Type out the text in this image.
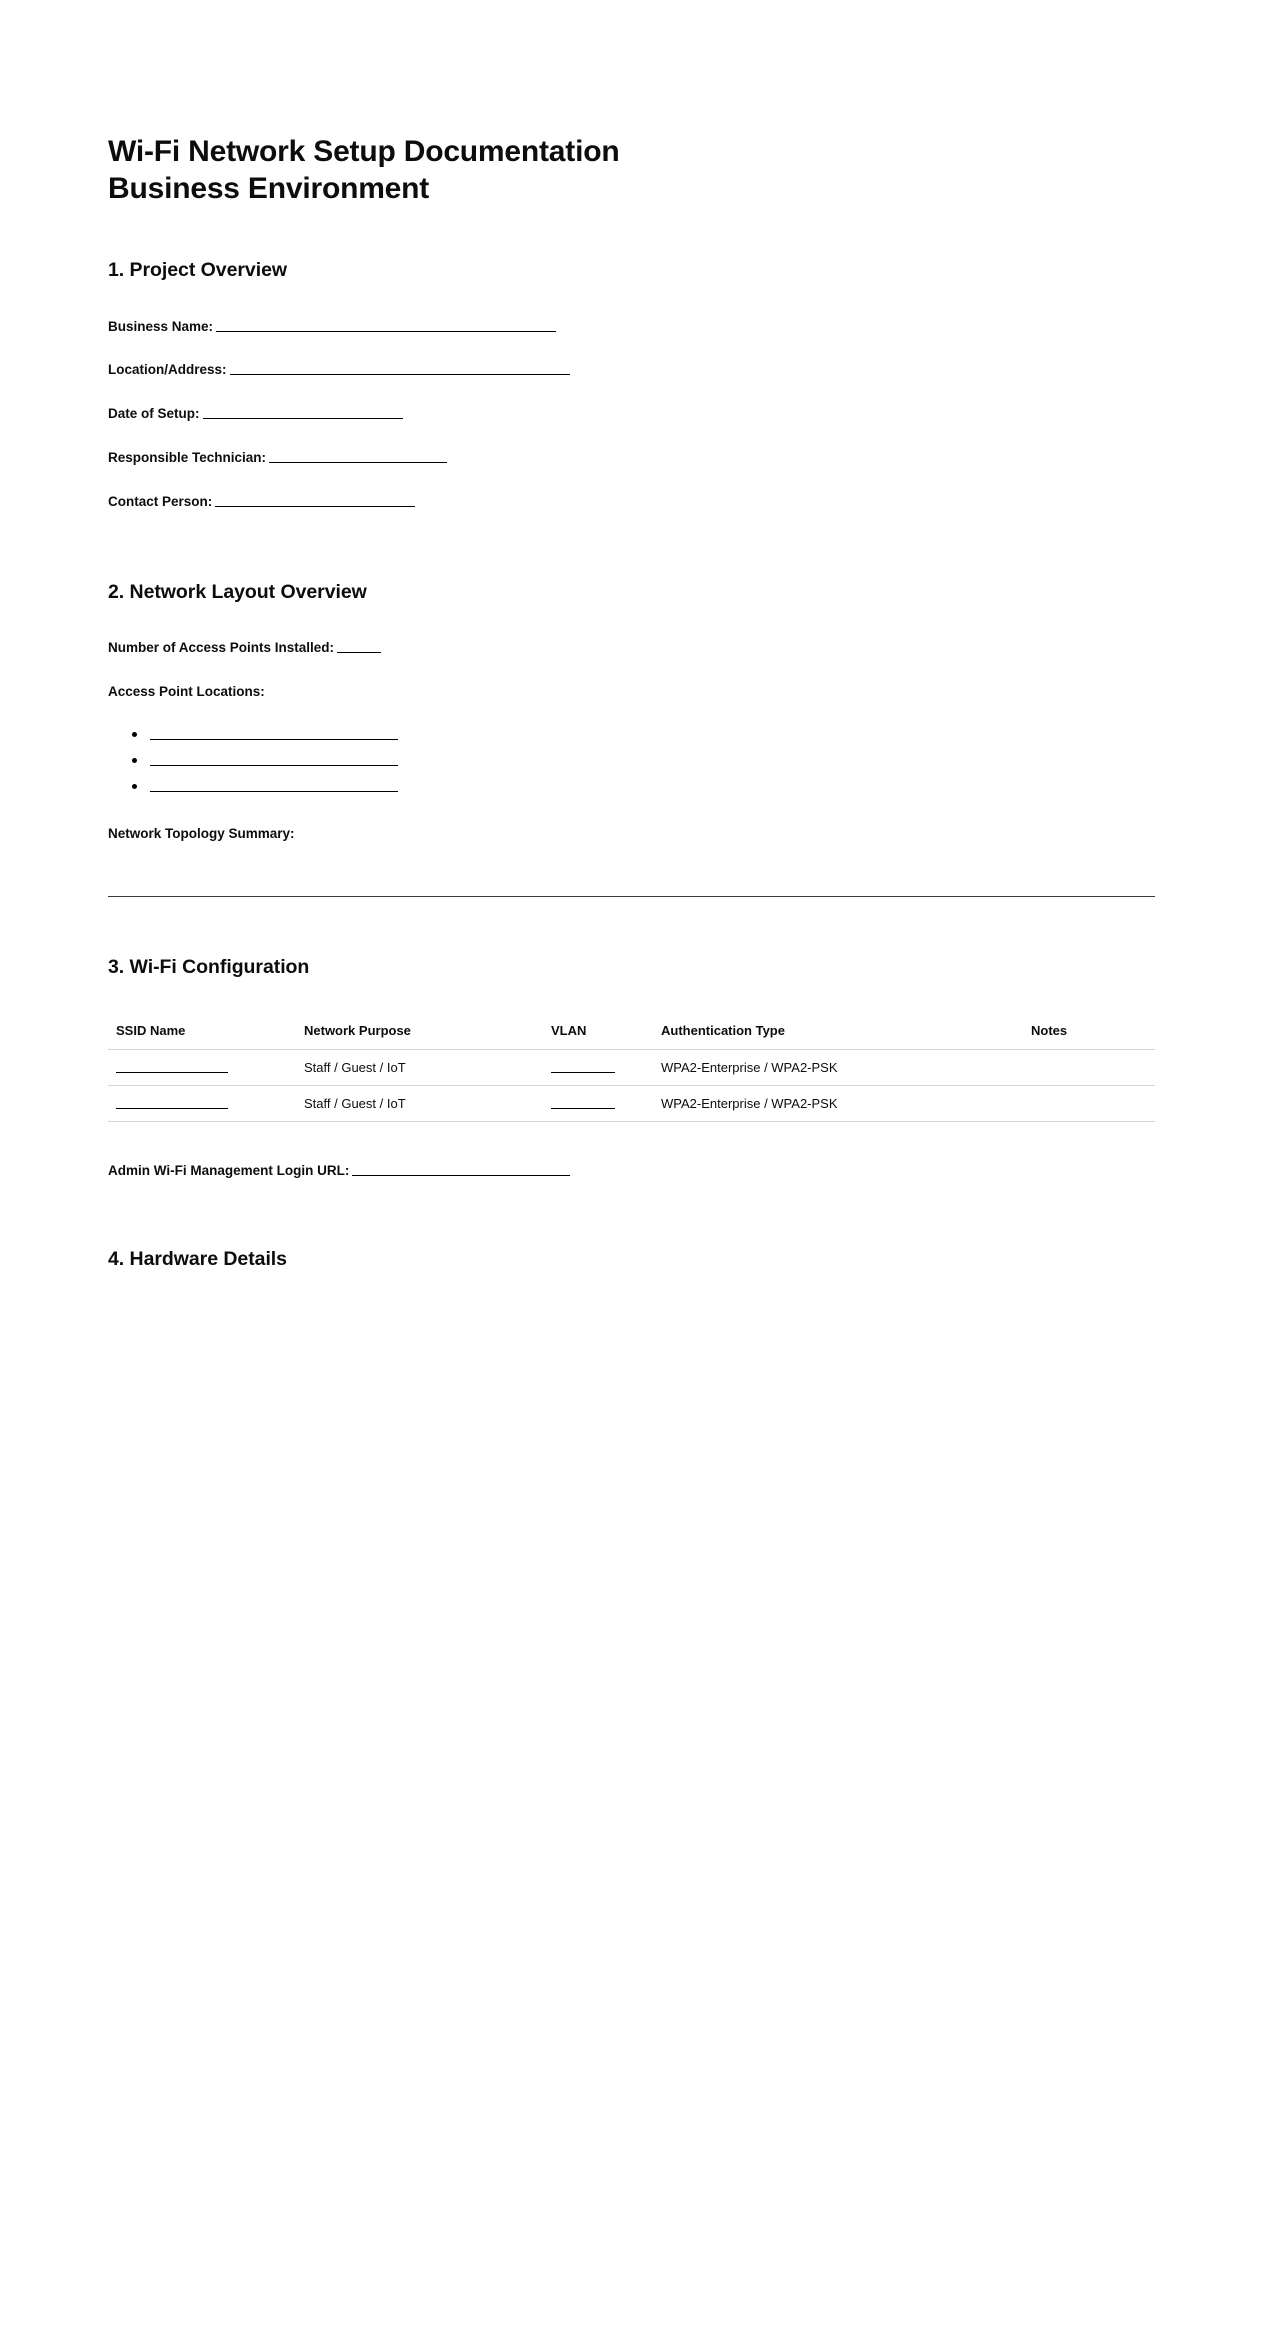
Wi-Fi Network Setup Documentation
Business Environment
1. Project Overview
Business Name:
Location/Address:
Date of Setup:
Responsible Technician:
Contact Person:
2. Network Layout Overview
Number of Access Points Installed:
Access Point Locations:
Network Topology Summary:
3. Wi-Fi Configuration
SSID Name	Network Purpose	VLAN	Authentication Type	Notes
	Staff / Guest / IoT		WPA2-Enterprise / WPA2-PSK	
	Staff / Guest / IoT		WPA2-Enterprise / WPA2-PSK	
Admin Wi-Fi Management Login URL:
4. Hardware Details
